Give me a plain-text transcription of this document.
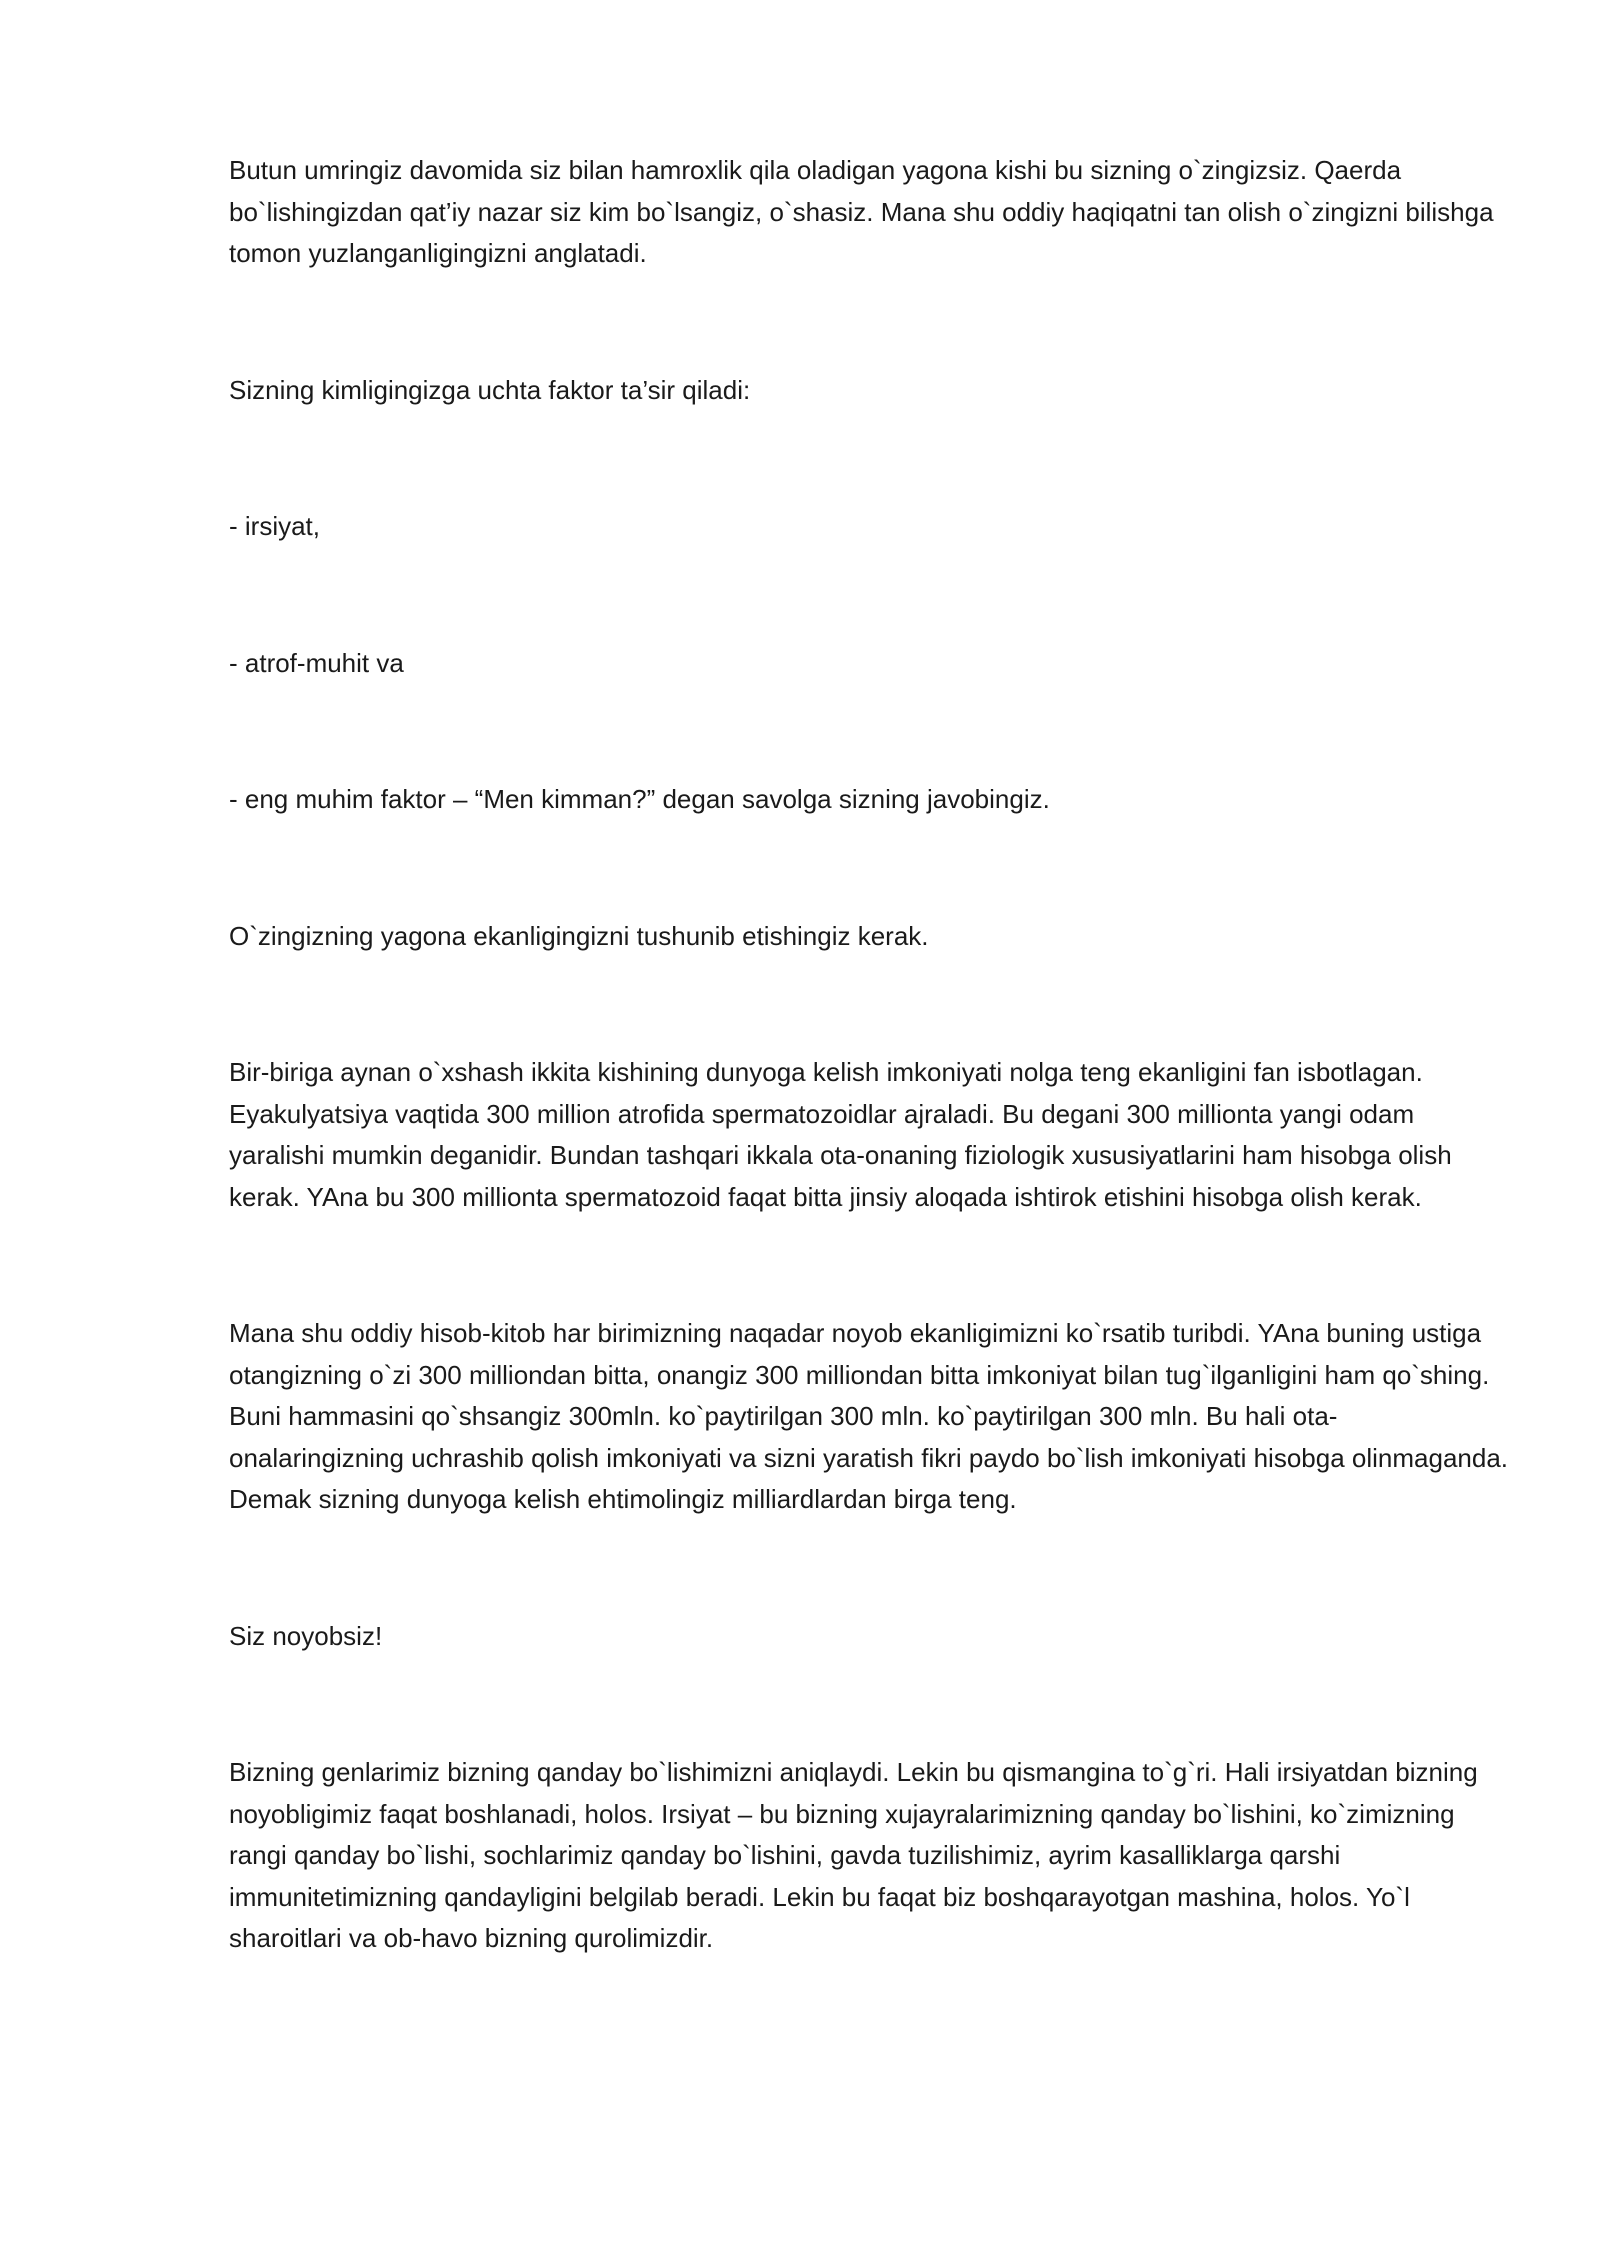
Butun umringiz davomida siz bilan hamroxlik qila oladigan yagona kishi bu sizning o`zingizsiz. Qaerda bo`lishingizdan qat’iy nazar siz kim bo`lsangiz, o`shasiz. Mana shu oddiy haqiqatni tan olish o`zingizni bilishga tomon yuzlanganligingizni anglatadi.

Sizning kimligingizga uchta faktor ta’sir qiladi:

- irsiyat,

- atrof-muhit va

- eng muhim faktor – “Men kimman?” degan savolga sizning javobingiz.

O`zingizning yagona ekanligingizni tushunib etishingiz kerak.

Bir-biriga aynan o`xshash ikkita kishining dunyoga kelish imkoniyati nolga teng ekanligini fan isbotlagan. Eyakulyatsiya vaqtida 300 million atrofida spermatozoidlar ajraladi. Bu degani 300 millionta yangi odam yaralishi mumkin deganidir. Bundan tashqari ikkala ota-onaning fiziologik xususiyatlarini ham hisobga olish kerak. YAna bu 300 millionta spermatozoid faqat bitta jinsiy aloqada ishtirok etishini hisobga olish kerak.

Mana shu oddiy hisob-kitob har birimizning naqadar noyob ekanligimizni ko`rsatib turibdi. YAna buning ustiga otangizning o`zi 300 milliondan bitta, onangiz 300 milliondan bitta imkoniyat bilan tug`ilganligini ham qo`shing. Buni hammasini qo`shsangiz 300mln. ko`paytirilgan 300 mln. ko`paytirilgan 300 mln. Bu hali ota-onalaringizning uchrashib qolish imkoniyati va sizni yaratish fikri paydo bo`lish imkoniyati hisobga olinmaganda. Demak sizning dunyoga kelish ehtimolingiz milliardlardan birga teng.

Siz noyobsiz!

Bizning genlarimiz bizning qanday bo`lishimizni aniqlaydi. Lekin bu qismangina to`g`ri. Hali irsiyatdan bizning noyobligimiz faqat boshlanadi, holos. Irsiyat – bu bizning xujayralarimizning qanday bo`lishini, ko`zimizning rangi qanday bo`lishi, sochlarimiz qanday bo`lishini, gavda tuzilishimiz, ayrim kasalliklarga qarshi immunitetimizning qandayligini belgilab beradi. Lekin bu faqat biz boshqarayotgan mashina, holos. Yo`l sharoitlari va ob-havo bizning qurolimizdir.
